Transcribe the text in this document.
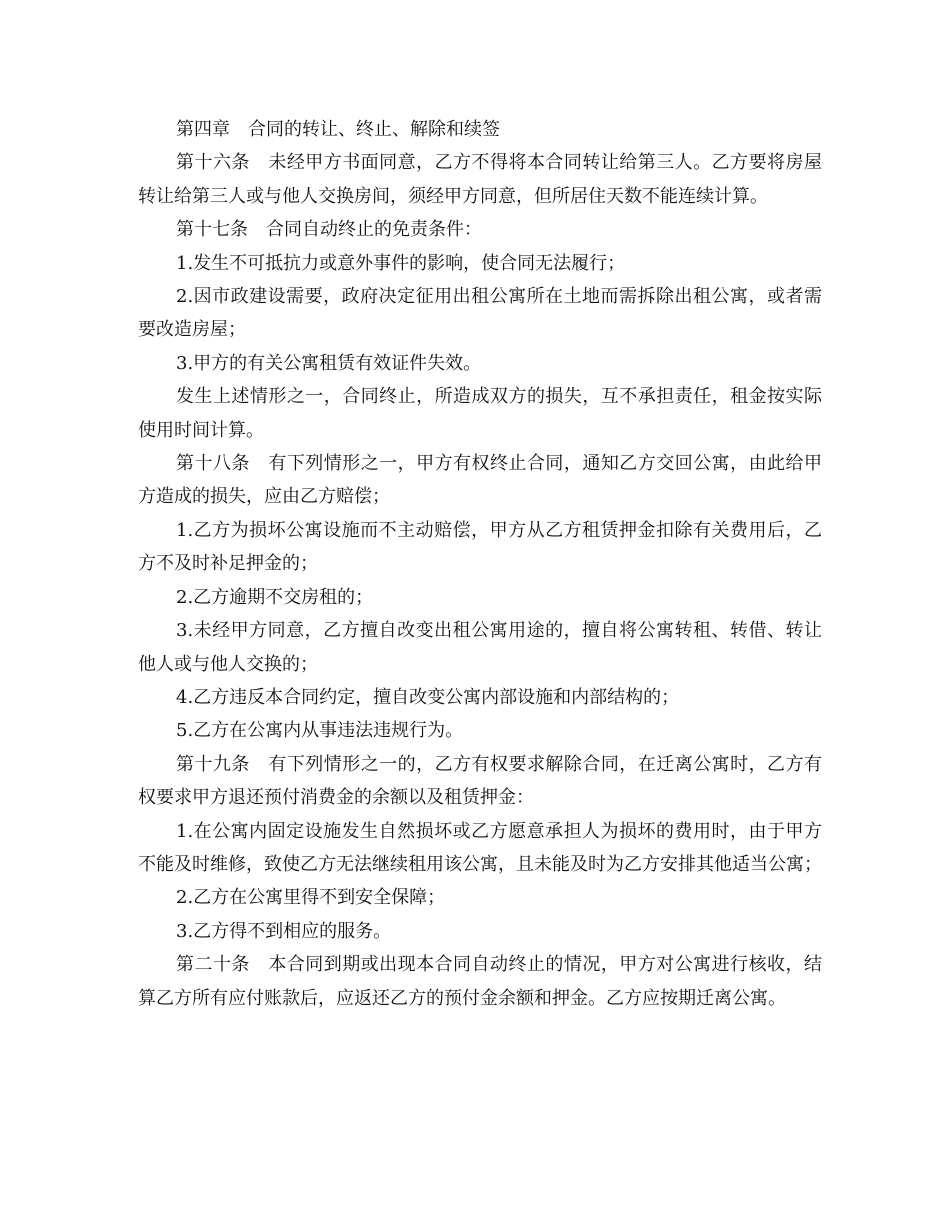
第四章　合同的转让、终止、解除和续签

第十六条　未经甲方书面同意，乙方不得将本合同转让给第三人。乙方要将房屋转让给第三人或与他人交换房间，须经甲方同意，但所居住天数不能连续计算。

第十七条　合同自动终止的免责条件：

1.发生不可抵抗力或意外事件的影响，使合同无法履行；

2.因市政建设需要，政府决定征用出租公寓所在土地而需拆除出租公寓，或者需要改造房屋；

3.甲方的有关公寓租赁有效证件失效。

发生上述情形之一，合同终止，所造成双方的损失，互不承担责任，租金按实际使用时间计算。

第十八条　有下列情形之一，甲方有权终止合同，通知乙方交回公寓，由此给甲方造成的损失，应由乙方赔偿；

1.乙方为损坏公寓设施而不主动赔偿，甲方从乙方租赁押金扣除有关费用后，乙方不及时补足押金的；

2.乙方逾期不交房租的；

3.未经甲方同意，乙方擅自改变出租公寓用途的，擅自将公寓转租、转借、转让他人或与他人交换的；

4.乙方违反本合同约定，擅自改变公寓内部设施和内部结构的；

5.乙方在公寓内从事违法违规行为。

第十九条　有下列情形之一的，乙方有权要求解除合同，在迁离公寓时，乙方有权要求甲方退还预付消费金的余额以及租赁押金：

1.在公寓内固定设施发生自然损坏或乙方愿意承担人为损坏的费用时，由于甲方不能及时维修，致使乙方无法继续租用该公寓，且未能及时为乙方安排其他适当公寓；

2.乙方在公寓里得不到安全保障；

3.乙方得不到相应的服务。

第二十条　本合同到期或出现本合同自动终止的情况，甲方对公寓进行核收，结算乙方所有应付账款后，应返还乙方的预付金余额和押金。乙方应按期迁离公寓。
